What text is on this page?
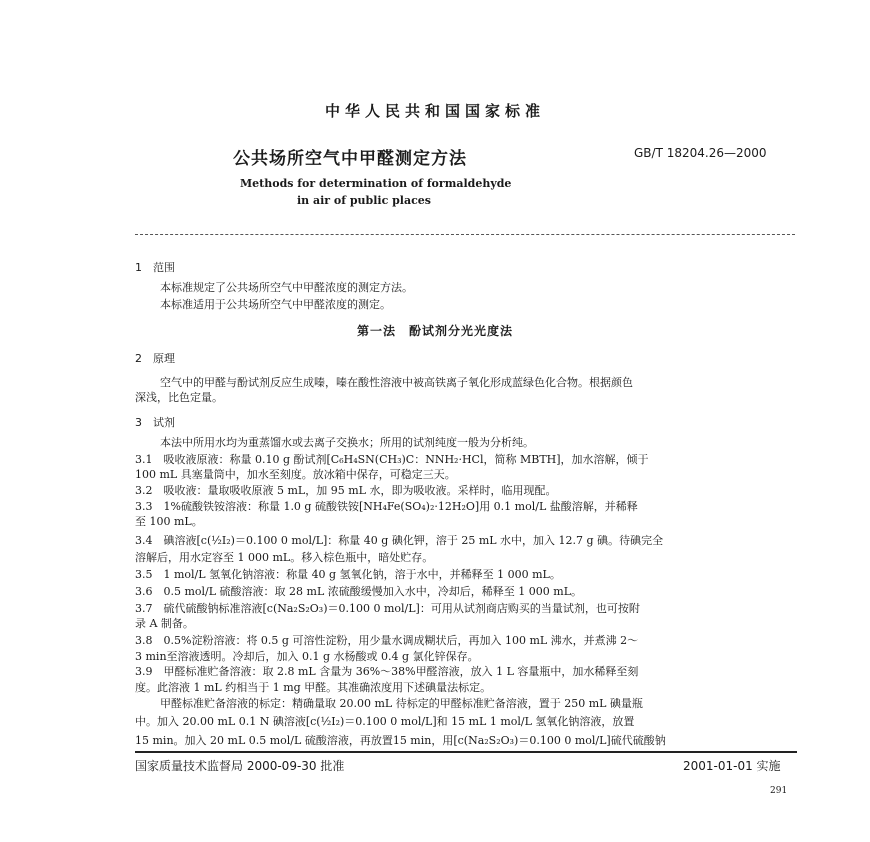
中华人民共和国国家标准
公共场所空气中甲醛测定方法	GB/T 18204.26—2000
Methods for determination of formaldehyde
in air of public places
1　范围
本标准规定了公共场所空气中甲醛浓度的测定方法。
本标准适用于公共场所空气中甲醛浓度的测定。
第一法　酚试剂分光光度法
2　原理
空气中的甲醛与酚试剂反应生成嗪，嗪在酸性溶液中被高铁离子氧化形成蓝绿色化合物。根据颜色
深浅，比色定量。
3　试剂
本法中所用水均为重蒸馏水或去离子交换水；所用的试剂纯度一般为分析纯。
3.1　吸收液原液：称量 0.10 g 酚试剂[C₆H₄SN(CH₃)C：NNH₂·HCl，简称 MBTH]，加水溶解，倾于
100 mL 具塞量筒中，加水至刻度。放冰箱中保存，可稳定三天。
3.2　吸收液：量取吸收原液 5 mL，加 95 mL 水，即为吸收液。采样时，临用现配。
3.3　1%硫酸铁铵溶液：称量 1.0 g 硫酸铁铵[NH₄Fe(SO₄)₂·12H₂O]用 0.1 mol/L 盐酸溶解，并稀释
至 100 mL。
3.4　碘溶液[c(½I₂)＝0.100 0 mol/L]：称量 40 g 碘化钾，溶于 25 mL 水中，加入 12.7 g 碘。待碘完全
溶解后，用水定容至 1 000 mL。移入棕色瓶中，暗处贮存。
3.5　1 mol/L 氢氧化钠溶液：称量 40 g 氢氧化钠，溶于水中，并稀释至 1 000 mL。
3.6　0.5 mol/L 硫酸溶液：取 28 mL 浓硫酸缓慢加入水中，冷却后，稀释至 1 000 mL。
3.7　硫代硫酸钠标准溶液[c(Na₂S₂O₃)＝0.100 0 mol/L]：可用从试剂商店购买的当量试剂，也可按附
录 A 制备。
3.8　0.5%淀粉溶液：将 0.5 g 可溶性淀粉，用少量水调成糊状后，再加入 100 mL 沸水，并煮沸 2～
3 min至溶液透明。冷却后，加入 0.1 g 水杨酸或 0.4 g 氯化锌保存。
3.9　甲醛标准贮备溶液：取 2.8 mL 含量为 36%～38%甲醛溶液，放入 1 L 容量瓶中，加水稀释至刻
度。此溶液 1 mL 约相当于 1 mg 甲醛。其准确浓度用下述碘量法标定。
甲醛标准贮备溶液的标定：精确量取 20.00 mL 待标定的甲醛标准贮备溶液，置于 250 mL 碘量瓶
中。加入 20.00 mL 0.1 N 碘溶液[c(½I₂)＝0.100 0 mol/L]和 15 mL 1 mol/L 氢氧化钠溶液，放置
15 min。加入 20 mL 0.5 mol/L 硫酸溶液，再放置15 min，用[c(Na₂S₂O₃)＝0.100 0 mol/L]硫代硫酸钠
国家质量技术监督局 2000-09-30 批准	2001-01-01 实施
291
